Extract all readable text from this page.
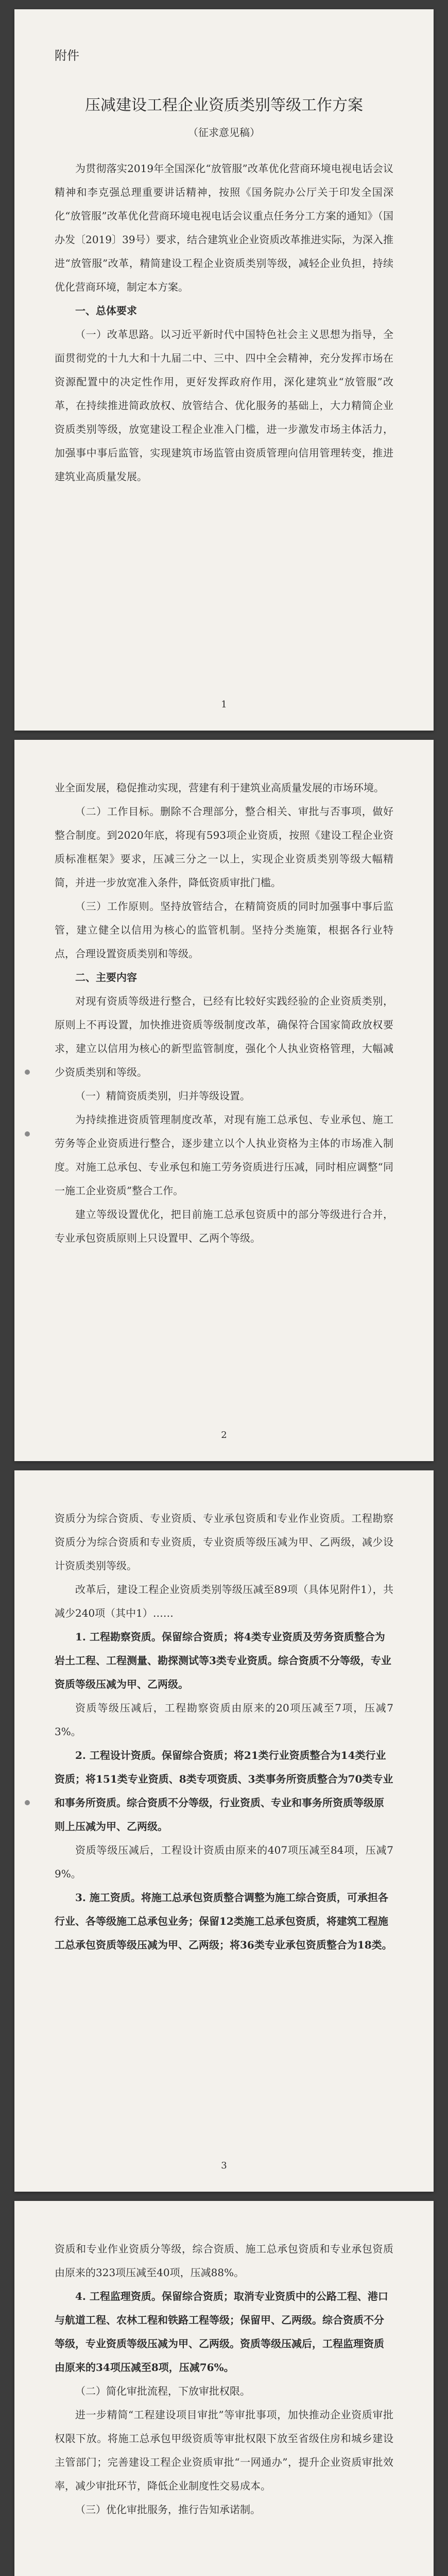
附件

压减建设工程企业资质类别等级工作方案

（征求意见稿）

为贯彻落实2019年全国深化“放管服”改革优化营商环境电视电话会议精神和李克强总理重要讲话精神，按照《国务院办公厅关于印发全国深化“放管服”改革优化营商环境电视电话会议重点任务分工方案的通知》（国办发〔2019〕39号）要求，结合建筑业企业资质改革推进实际，为深入推进“放管服”改革，精简建设工程企业资质类别等级，减轻企业负担，持续优化营商环境，制定本方案。

一、总体要求

（一）改革思路。以习近平新时代中国特色社会主义思想为指导，全面贯彻党的十九大和十九届二中、三中、四中全会精神，充分发挥市场在资源配置中的决定性作用，更好发挥政府作用，深化建筑业“放管服”改革，在持续推进简政放权、放管结合、优化服务的基础上，大力精简企业资质类别等级，放宽建设工程企业准入门槛，进一步激发市场主体活力，加强事中事后监管，实现建筑市场监管由资质管理向信用管理转变，推进建筑业高质量发展。

1

业全面发展，稳促推动实现，营建有利于建筑业高质量发展的市场环境。

（二）工作目标。删除不合理部分，整合相关、审批与否事项，做好整合制度。到2020年底，将现有593项企业资质，按照《建设工程企业资质标准框架》要求，压减三分之一以上，实现企业资质类别等级大幅精简，并进一步放宽准入条件，降低资质审批门槛。

（三）工作原则。坚持放管结合，在精简资质的同时加强事中事后监管，建立健全以信用为核心的监管机制。坚持分类施策，根据各行业特点，合理设置资质类别和等级。

二、主要内容

对现有资质等级进行整合，已经有比较好实践经验的企业资质类别，原则上不再设置，加快推进资质等级制度改革，确保符合国家简政放权要求，建立以信用为核心的新型监管制度，强化个人执业资格管理，大幅减少资质类别和等级。

（一）精简资质类别，归并等级设置。

为持续推进资质管理制度改革，对现有施工总承包、专业承包、施工劳务等企业资质进行整合，逐步建立以个人执业资格为主体的市场准入制度。对施工总承包、专业承包和施工劳务资质进行压减，同时相应调整“同一施工企业资质”整合工作。

建立等级设置优化，把目前施工总承包资质中的部分等级进行合并，专业承包资质原则上只设置甲、乙两个等级。

2

资质分为综合资质、专业资质、专业承包资质和专业作业资质。工程勘察资质分为综合资质和专业资质，专业资质等级压减为甲、乙两级，减少设计资质类别等级。

改革后，建设工程企业资质类别等级压减至89项（具体见附件1），共减少240项（其中1）……

1. 工程勘察资质。保留综合资质；将4类专业资质及劳务资质整合为岩土工程、工程测量、勘探测试等3类专业资质。综合资质不分等级，专业资质等级压减为甲、乙两级。

资质等级压减后，工程勘察资质由原来的20项压减至7项，压减73%。

2. 工程设计资质。保留综合资质；将21类行业资质整合为14类行业资质；将151类专业资质、8类专项资质、3类事务所资质整合为70类专业和事务所资质。综合资质不分等级，行业资质、专业和事务所资质等级原则上压减为甲、乙两级。

资质等级压减后，工程设计资质由原来的407项压减至84项，压减79%。

3. 施工资质。将施工总承包资质整合调整为施工综合资质，可承担各行业、各等级施工总承包业务；保留12类施工总承包资质，将建筑工程施工总承包资质等级压减为甲、乙两级；将36类专业承包资质整合为18类。

3

资质和专业作业资质分等级，综合资质、施工总承包资质和专业承包资质由原来的323项压减至40项，压减88%。

4. 工程监理资质。保留综合资质；取消专业资质中的公路工程、港口与航道工程、农林工程和铁路工程等级；保留甲、乙两级。综合资质不分等级，专业资质等级压减为甲、乙两级。资质等级压减后，工程监理资质由原来的34项压减至8项，压减76%。

（二）简化审批流程，下放审批权限。

进一步精简“工程建设项目审批”等审批事项，加快推动企业资质审批权限下放。将施工总承包甲级资质等审批权限下放至省级住房和城乡建设主管部门；完善建设工程企业资质审批“一网通办”，提升企业资质审批效率，减少审批环节，降低企业制度性交易成本。

（三）优化审批服务，推行告知承诺制。
